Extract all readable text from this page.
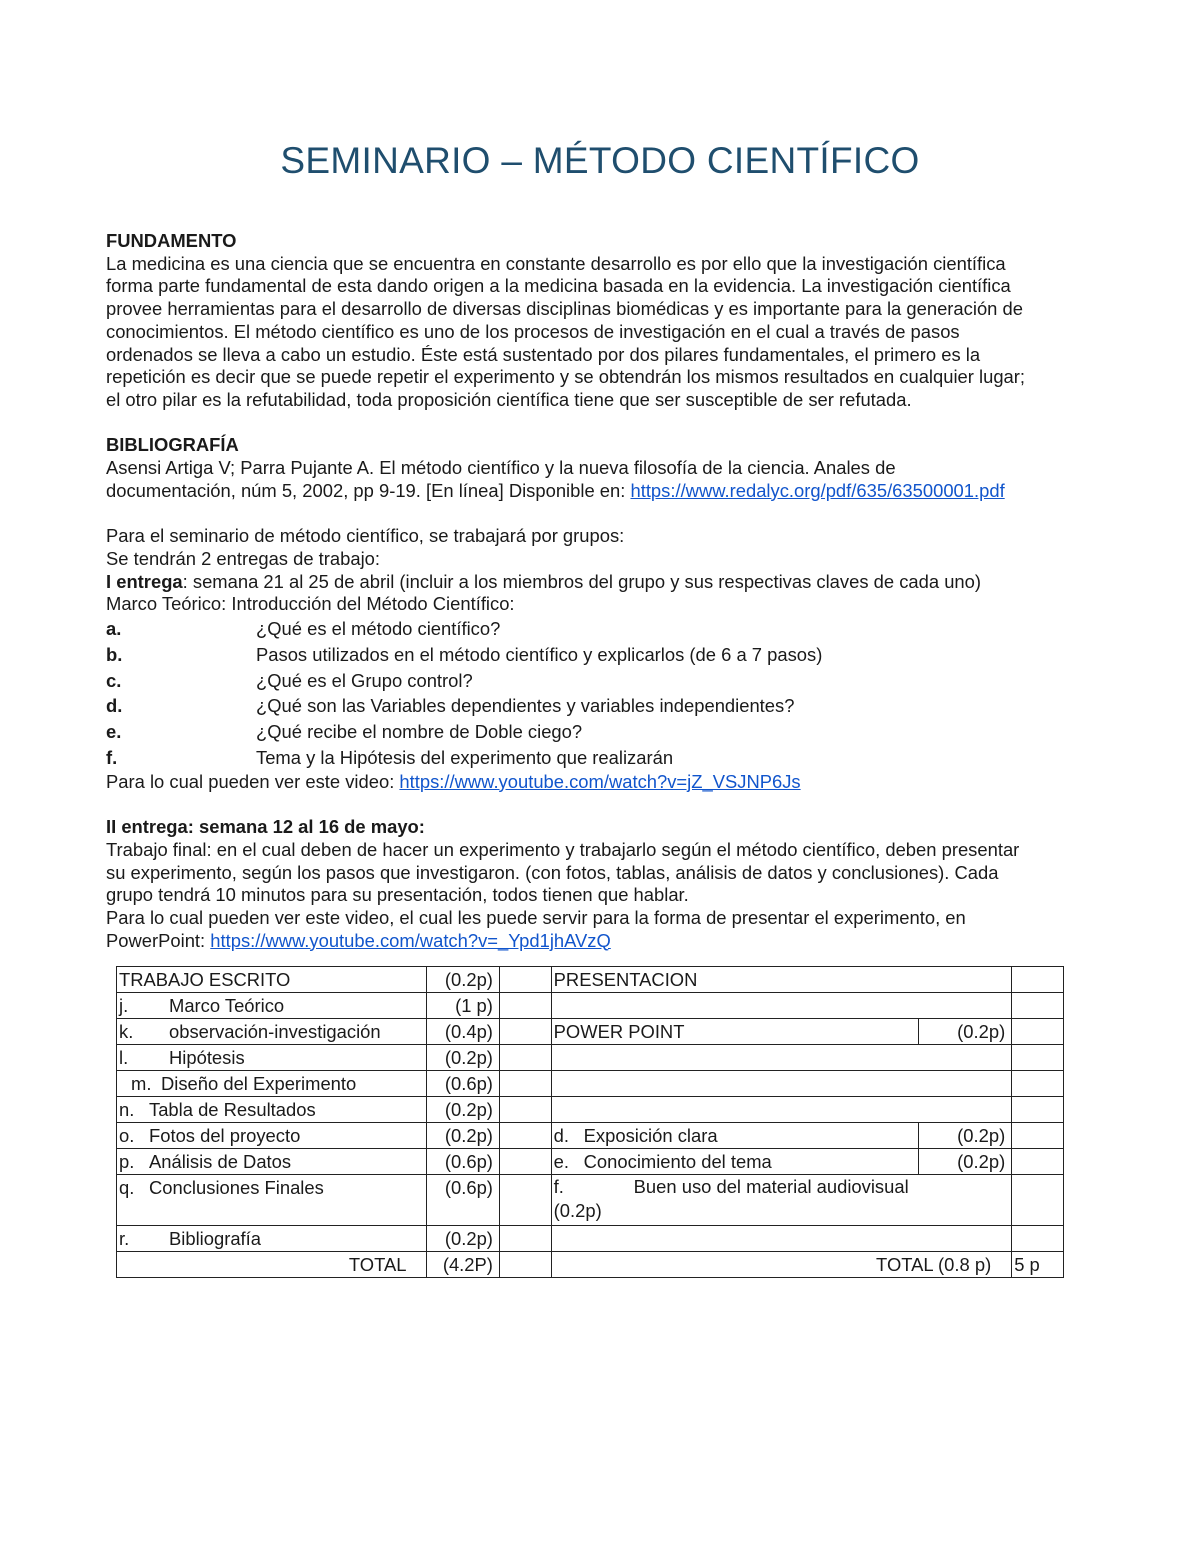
SEMINARIO – MÉTODO CIENTÍFICO

FUNDAMENTO

La medicina es una ciencia que se encuentra en constante desarrollo es por ello que la investigación científica

forma parte fundamental de esta dando origen a la medicina basada en la evidencia. La investigación científica

provee herramientas para el desarrollo de diversas disciplinas biomédicas y es importante para la generación de

conocimientos. El método científico es uno de los procesos de investigación en el cual a través de pasos

ordenados se lleva a cabo un estudio. Éste está sustentado por dos pilares fundamentales, el primero es la

repetición es decir que se puede repetir el experimento y se obtendrán los mismos resultados en cualquier lugar;

el otro pilar es la refutabilidad, toda proposición científica tiene que ser susceptible de ser refutada.

BIBLIOGRAFÍA

Asensi Artiga V; Parra Pujante A. El método científico y la nueva filosofía de la ciencia. Anales de

documentación, núm 5, 2002, pp 9-19. [En línea] Disponible en: https://www.redalyc.org/pdf/635/63500001.pdf

Para el seminario de método científico, se trabajará por grupos:

Se tendrán 2 entregas de trabajo:

I entrega: semana 21 al 25 de abril (incluir a los miembros del grupo y sus respectivas claves de cada uno)

Marco Teórico: Introducción del Método Científico:

a.	¿Qué es el método científico?
b.	Pasos utilizados en el método científico y explicarlos (de 6 a 7 pasos)
c.	¿Qué es el Grupo control?
d.	¿Qué son las Variables dependientes y variables independientes?
e.	¿Qué recibe el nombre de Doble ciego?
f.	Tema y la Hipótesis del experimento que realizarán

Para lo cual pueden ver este video: https://www.youtube.com/watch?v=jZ_VSJNP6Js

II entrega: semana 12 al 16 de mayo:

Trabajo final: en el cual deben de hacer un experimento y trabajarlo según el método científico, deben presentar

su experimento, según los pasos que investigaron. (con fotos, tablas, análisis de datos y conclusiones). Cada

grupo tendrá 10 minutos para su presentación, todos tienen que hablar.

Para lo cual pueden ver este video, el cual les puede servir para la forma de presentar el experimento, en

PowerPoint: https://www.youtube.com/watch?v=_Ypd1jhAVzQ

TRABAJO ESCRITO	(0.2p)		PRESENTACION		
j. Marco Teórico	(1 p)				
k. observación-investigación	(0.4p)		POWER POINT	(0.2p)	
l. Hipótesis	(0.2p)				
m. Diseño del Experimento	(0.6p)				
n. Tabla de Resultados	(0.2p)				
o. Fotos del proyecto	(0.2p)		d. Exposición clara	(0.2p)	
p. Análisis de Datos	(0.6p)		e. Conocimiento del tema	(0.2p)	
q. Conclusiones Finales	(0.6p)		f. Buen uso del material audiovisual
(0.2p)		
r. Bibliografía	(0.2p)				
TOTAL	(4.2P)		TOTAL (0.8 p)		5 p
